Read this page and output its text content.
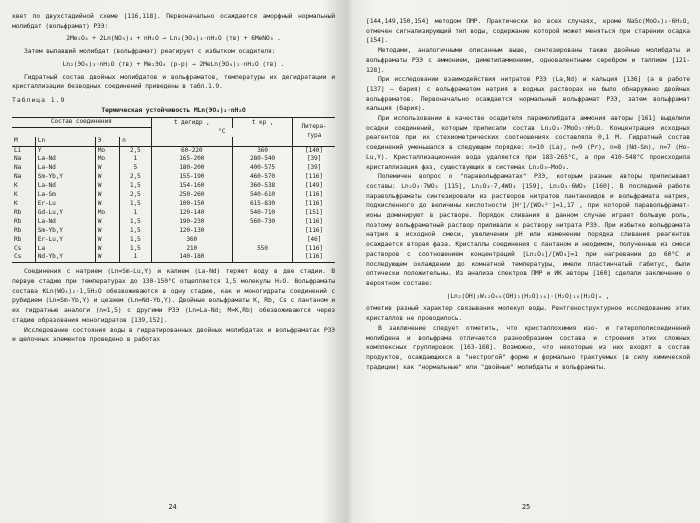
квет по двухстадийной схеме [116,118]. Первоначально осаждается аморфный нормальный молибдат (вольфрамат) РЗЭ:

2Me₂O₄ + 2Ln(NO₃)₃ + nH₂O → Ln₂(ЭO₄)₃·nH₂O (тв) + 6MeNO₃ .

Затем выпавший молибдат (вольфрамат) реагирует с избытком осадителя:

Ln₂(ЭO₄)₃·nH₂O (тв) + Me₂ЭO₄ (р-р) → 2MeLn(ЭO₄)₂·nH₂O (тв) .

Гидратный состав двойных молибдатов и вольфраматов, температуры их дегидратации и кристаллизации безводных соединений приведены в табл.1.9.

Таблица 1.9

Термическая устойчивость MLn(ЭO₄)₂·nH₂O

Состав соединения				t дегидр ,	t кр ,	Литера- тура
				°C		
M	Ln	Э	n			
Li	Y	Mo	2,5	60-220	360	[140]
Na	La-Nd	Mo	1	165-200	280-540	[39]
Na	La-Nd	W	5	180-200	400-575	[39]
Na	Sm-Yb,Y	W	2,5	155-190	460-570	[116]
K	La-Nd	W	1,5	154-160	360-538	[149]
K	La-Sm	W	2,5	250-260	540-610	[116]
K	Er-Lu	W	1,5	100-150	615-830	[116]
Rb	Gd-Lu,Y	Mo	1	120-140	540-710	[151]
Rb	La-Nd	W	1,5	190-230	560-730	[116]
Rb	Sm-Yb,Y	W	1,5	120-130		[116]
Rb	Er-Lu,Y	W	1,5	360		[46]
Cs	La	W	1,5	210	550	[116]
Cs	Nd-Yb,Y	W	1	140-180		[116]

Соединения с натрием (Ln=Sm-Lu,Y) и калием (La-Nd) теряют воду в две стадии. В первую стадию при температурах до 130-150°С отщепляется 1,5 молекулы H₂O. Вольфраматы состава KLn(WO₄)₂·1,5H₂O обезвоживаются в одну стадию, как и моногидраты соединений с рубидием (Ln=Sm-Yb,Y) и цезием (Ln=Nd-Yb,Y). Двойные вольфраматы K, Rb, Cs с лантаном и их гидратные аналоги (n=1,5) с другими РЗЭ (Ln=La-Nd; M=K,Rb) обезвоживаются через стадию образования моногидратов [139,152].

Исследование состояния воды в гидратированных двойных молибдатах и вольфраматах РЗЭ и щелочных элементов проведено в работах

24

[144,149,150,154] методом ПМР. Практически во всех случаях, кроме NaSc(MoO₄)₂·6H₂O, отмечен сигнализирующий тип воды, содержание которой может меняться при старении осадка [154].

Методами, аналогичными описанным выше, синтезированы также двойные молибдаты и вольфраматы РЗЭ с аммонием, диметиламмонием, одновалентными серебром и таллием [121-128].

При исследовании взаимодействия нитратов РЗЭ (La,Nd) и кальция [136] (а в работе [137] – бария) с вольфраматом натрия в водных растворах не было обнаружено двойных вольфраматов. Первоначально осаждается нормальный вольфрамат РЗЭ, затем вольфрамат кальция (бария).

При использовании в качестве осадителя парамолибдата аммония авторы [161] выделили осадки соединений, которым приписали состав Ln₂O₃·7MoO₃·nH₂O. Концентрация исходных реагентов при их стехиометрических соотношениях составляла 0,1 М. Гидратный состав соединений уменьшался в следующем порядке: n=10 (La), n=9 (Pr), n=8 (Nd-Sm), n=7 (Ho-Lu,Y). Кристаллизационная вода удаляется при 183-265°С, а при 410-548°С происходила кристаллизация фаз, существующих в системах Ln₂O₃–MoO₃.

Полемичен вопрос о "паравольфраматах" РЗЭ, которым разные авторы приписывают составы: Ln₂O₃·7WO₃ [115], Ln₂O₃·7,4WO₃ [159], Ln₂O₃·6WO₃ [160]. В последней работе паравольфраматы синтезировали из растворов нитратов лантаноидов и вольфрамата натрия, подкисленного до величины кислотности [H⁺]/[WO₄²⁻]=1,17 , при которой паравольфрамат-ионы доминируют в растворе. Порядок сливания в данном случае играет большую роль, поэтому вольфраматный раствор приливали к раствору нитрата РЗЭ. При избытке вольфрамата натрия в исходной смеси, увеличении pH или изменении порядка сливания реагентов осаждается вторая фаза. Кристаллы соединения с лантаном и неодимом, полученные из смеси растворов с соотношением концентраций [Ln₂O₃]/[WO₃]=1 при нагревании до 60°С и последующем охлаждении до комнатной температуры, имели пластинчатый габитус, были оптически положительны. Из анализа спектров ПМР и ИК авторы [160] сделали заключение о вероятном составе:

(Ln₂(OH)₂W₁₂O₄₀(OH)₂(H₂O)₁₆)·(H₂O)₁₀(H₂O)ₓ ,

отметив разный характер связывания молекул воды. Рентгеноструктурное исследование этих кристаллов не проводилось.

В заключение следует отметить, что кристаллохимия изо- и гетерополисоединений молибдена и вольфрама отличается разнообразием состава и строения этих сложных комплексных группировок [163-168]. Возможно, что некоторые из них входят в состав продуктов, осаждающихся в "нестрогой" форме и формально трактуемых (в силу химической традиции) как "нормальные" или "двойные" молибдаты и вольфраматы.

25
